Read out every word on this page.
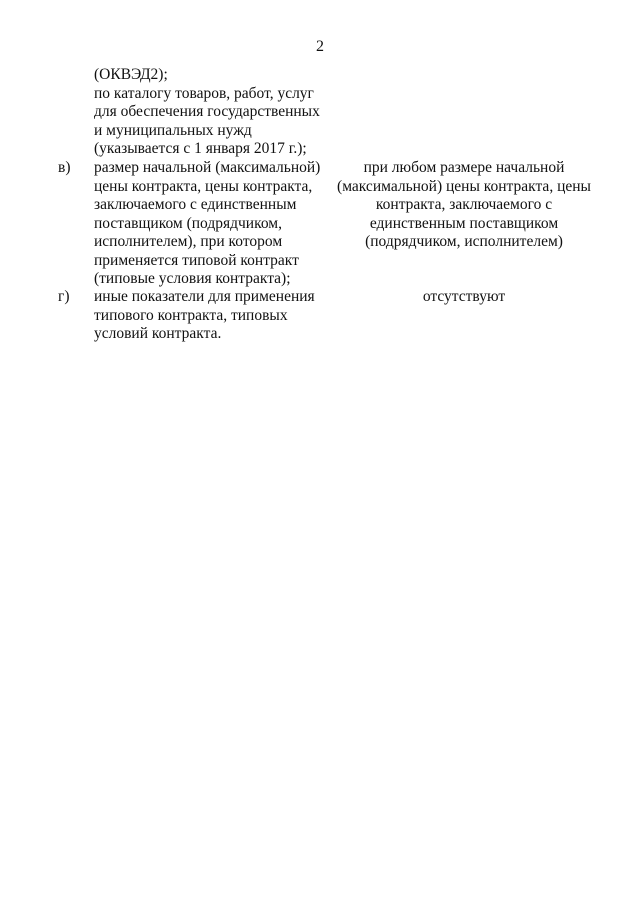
2
(ОКВЭД2);
по каталогу товаров, работ, услуг
для обеспечения государственных
и муниципальных нужд
(указывается с 1 января 2017 г.);
в) размер начальной (максимальной)
цены контракта, цены контракта,
заключаемого с единственным
поставщиком (подрядчиком,
исполнителем), при котором
применяется типовой контракт
(типовые условия контракта);
при любом размере начальной
(максимальной) цены контракта, цены
контракта, заключаемого с
единственным поставщиком
(подрядчиком, исполнителем)
г) иные показатели для применения
типового контракта, типовых
условий контракта.
отсутствуют
